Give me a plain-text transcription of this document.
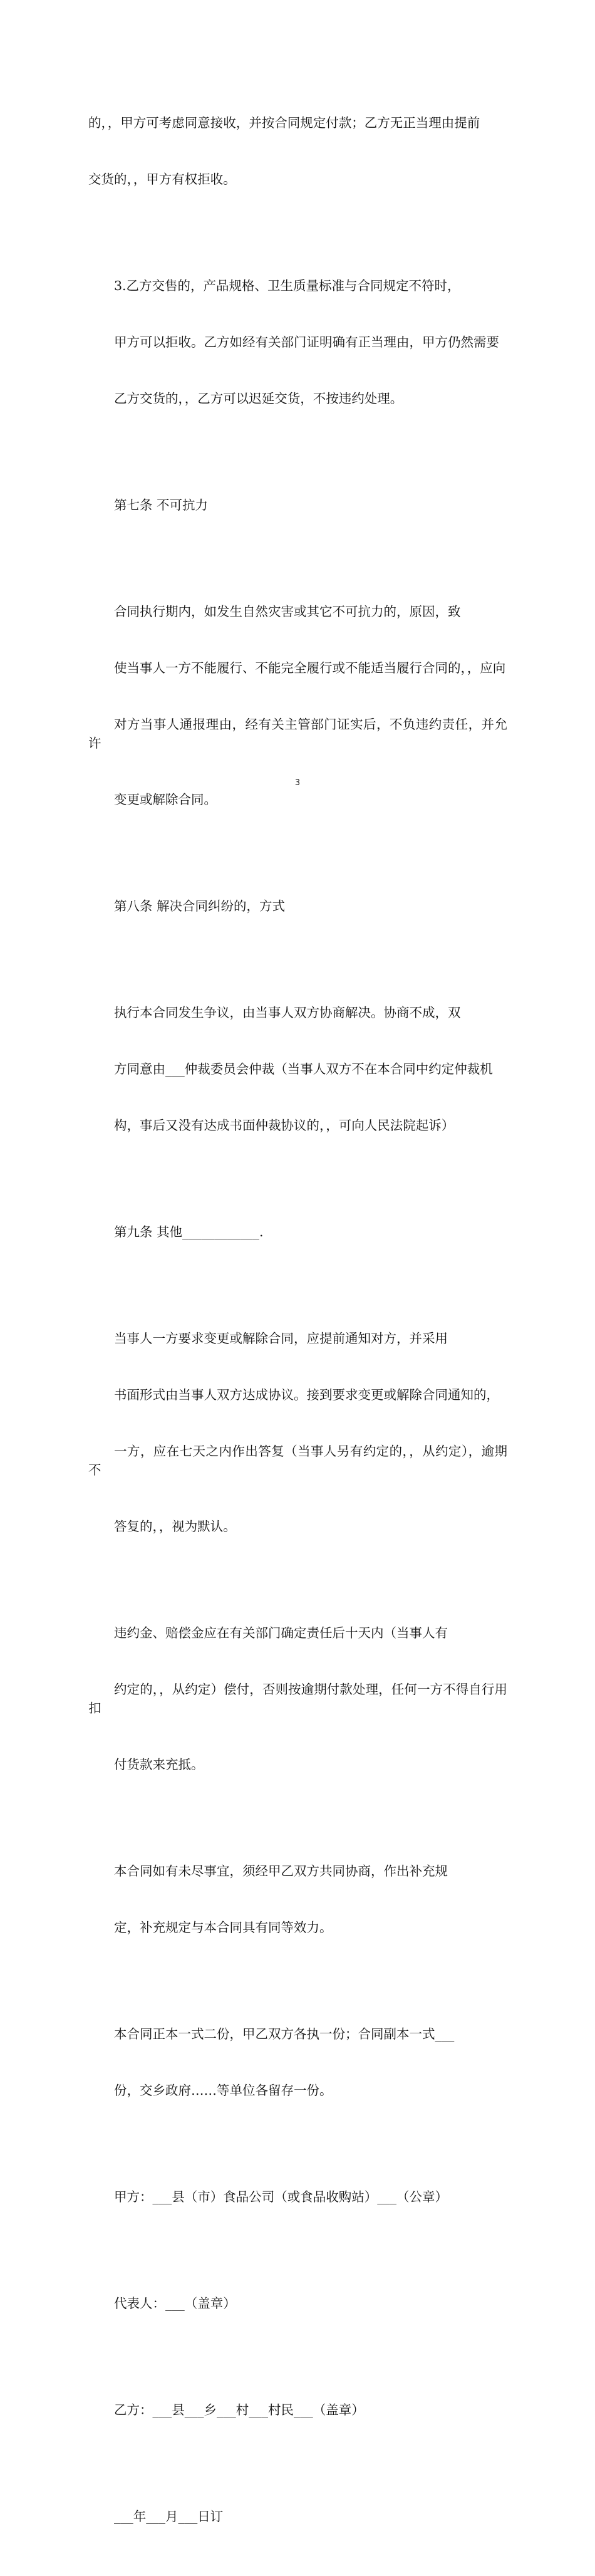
的，，甲方可考虑同意接收，并按合同规定付款；乙方无正当理由提前

交货的，，甲方有权拒收。

3.乙方交售的，产品规格、卫生质量标准与合同规定不符时，

甲方可以拒收。乙方如经有关部门证明确有正当理由，甲方仍然需要

乙方交货的，，乙方可以迟延交货，不按违约处理。

第七条 不可抗力

合同执行期内，如发生自然灾害或其它不可抗力的，原因，致

使当事人一方不能履行、不能完全履行或不能适当履行合同的，，应向

对方当事人通报理由，经有关主管部门证实后，不负违约责任，并允许

变更或解除合同。

第八条 解决合同纠纷的，方式

执行本合同发生争议，由当事人双方协商解决。协商不成，双

方同意由___仲裁委员会仲裁（当事人双方不在本合同中约定仲裁机

构，事后又没有达成书面仲裁协议的，，可向人民法院起诉）

第九条 其他____________.

当事人一方要求变更或解除合同，应提前通知对方，并采用

书面形式由当事人双方达成协议。接到要求变更或解除合同通知的，

一方，应在七天之内作出答复（当事人另有约定的，，从约定），逾期不

答复的，，视为默认。

违约金、赔偿金应在有关部门确定责任后十天内（当事人有

约定的，，从约定）偿付，否则按逾期付款处理，任何一方不得自行用扣

付货款来充抵。

本合同如有未尽事宜，须经甲乙双方共同协商，作出补充规

定，补充规定与本合同具有同等效力。

本合同正本一式二份，甲乙双方各执一份；合同副本一式___

份，交乡政府……等单位各留存一份。

甲方：___县（市）食品公司（或食品收购站）___（公章）

代表人：___（盖章）

乙方：___县___乡___村___村民___（盖章）

___年___月___日订

3
